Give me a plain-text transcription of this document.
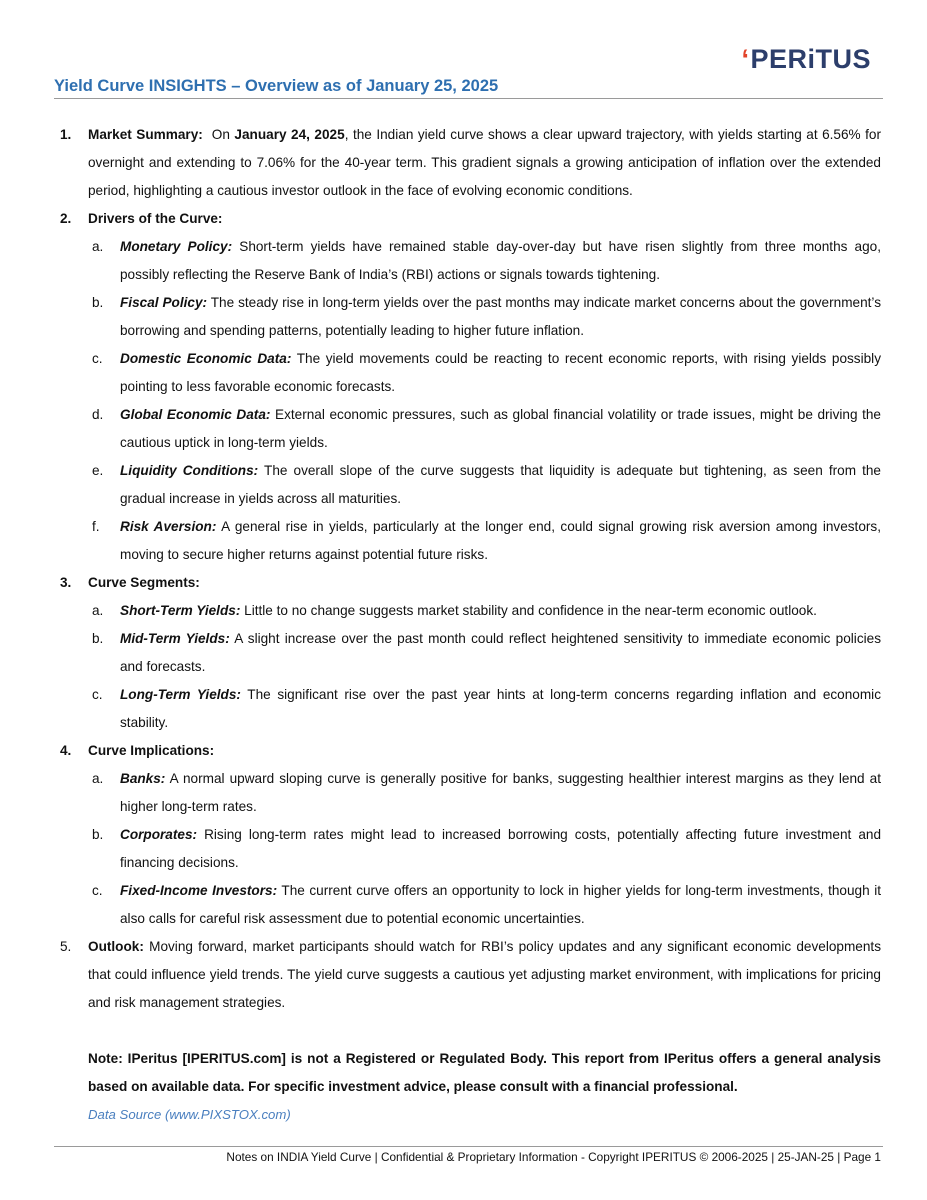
‘ PERiTUS
Yield Curve INSIGHTS – Overview as of January 25, 2025
1. Market Summary: On January 24, 2025, the Indian yield curve shows a clear upward trajectory, with yields starting at 6.56% for overnight and extending to 7.06% for the 40-year term. This gradient signals a growing anticipation of inflation over the extended period, highlighting a cautious investor outlook in the face of evolving economic conditions.
2. Drivers of the Curve:
a. Monetary Policy: Short-term yields have remained stable day-over-day but have risen slightly from three months ago, possibly reflecting the Reserve Bank of India’s (RBI) actions or signals towards tightening.
b. Fiscal Policy: The steady rise in long-term yields over the past months may indicate market concerns about the government’s borrowing and spending patterns, potentially leading to higher future inflation.
c. Domestic Economic Data: The yield movements could be reacting to recent economic reports, with rising yields possibly pointing to less favorable economic forecasts.
d. Global Economic Data: External economic pressures, such as global financial volatility or trade issues, might be driving the cautious uptick in long-term yields.
e. Liquidity Conditions: The overall slope of the curve suggests that liquidity is adequate but tightening, as seen from the gradual increase in yields across all maturities.
f. Risk Aversion: A general rise in yields, particularly at the longer end, could signal growing risk aversion among investors, moving to secure higher returns against potential future risks.
3. Curve Segments:
a. Short-Term Yields: Little to no change suggests market stability and confidence in the near-term economic outlook.
b. Mid-Term Yields: A slight increase over the past month could reflect heightened sensitivity to immediate economic policies and forecasts.
c. Long-Term Yields: The significant rise over the past year hints at long-term concerns regarding inflation and economic stability.
4. Curve Implications:
a. Banks: A normal upward sloping curve is generally positive for banks, suggesting healthier interest margins as they lend at higher long-term rates.
b. Corporates: Rising long-term rates might lead to increased borrowing costs, potentially affecting future investment and financing decisions.
c. Fixed-Income Investors: The current curve offers an opportunity to lock in higher yields for long-term investments, though it also calls for careful risk assessment due to potential economic uncertainties.
5. Outlook: Moving forward, market participants should watch for RBI’s policy updates and any significant economic developments that could influence yield trends. The yield curve suggests a cautious yet adjusting market environment, with implications for pricing and risk management strategies.
Note: IPeritus [IPERITUS.com] is not a Registered or Regulated Body. This report from IPeritus offers a general analysis based on available data. For specific investment advice, please consult with a financial professional.
Data Source (www.PIXSTOX.com)
Notes on INDIA Yield Curve | Confidential & Proprietary Information - Copyright IPERITUS © 2006-2025 | 25-JAN-25 | Page 1
